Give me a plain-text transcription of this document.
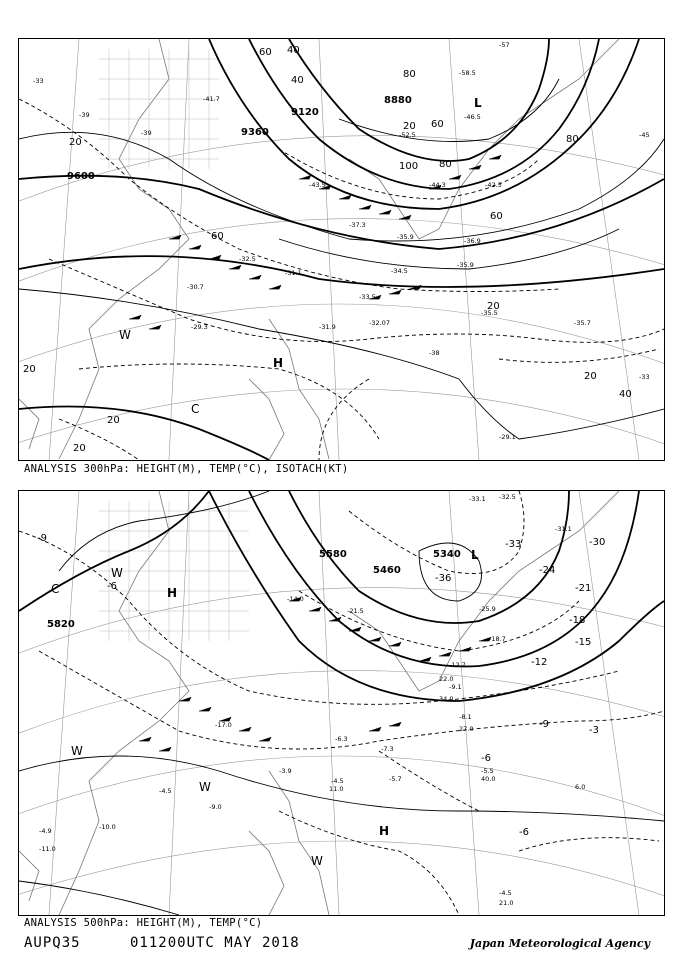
9600
9120
9360
8880
20
40
60
80
100
60
40
20
80
60
20
40
20
20
20
20
60
80
L
H
W
C
-33
-39
-41.7
-43.5
-37.3
-35.9
-32.5
-31.1
-31.9
-33.5
-32.07
-30.7
-29.3
-29.1
-35.5
-35.7
-38
-45
-46.5
-52.5
-44.3	-42.3
-36.9
-34.5
-57
-58.5
-39
-35.9
-33
ANALYSIS 300hPa: HEIGHT(M), TEMP(°C), ISOTACH(KT)
5820
5580
5460
5340
-9
-6
-3
-12
-15
-18
-21
-9
-6
-6
-24
-30
-33
-36
L
H
H
W
W
W
W
C
-33.1 -32.5
-31.1
-25.9
-18.7
-12.7
-9.1
-8.1
-7.3
-5.7
-4.5
-4.9
-11.0
-14.0
-21.5
-17.0
-6.3
-5.5
-4.5
-3.9
-10.0
-9.0
-4.5
21.0
40.0
27.0
6.0
34.0
22.0
11.0
ANALYSIS 500hPa: HEIGHT(M), TEMP(°C)
AUPQ35	011200UTC MAY 2018	Japan Meteorological Agency
